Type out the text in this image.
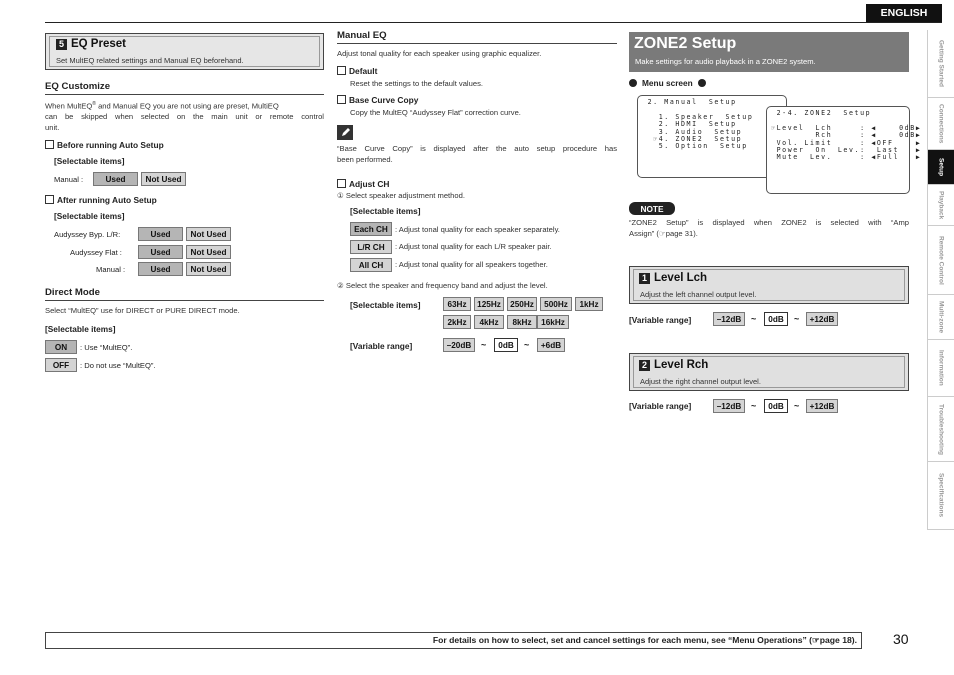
ENGLISH
Getting Started
Connections
Setup
Playback
Remote Control
Multi-zone
Information
Troubleshooting
Specifications
5 EQ Preset
Set MultEQ related settings and Manual EQ beforehand.
EQ Customize
When MultEQ® and Manual EQ you are not using are preset, MultiEQ

can be skipped when selected on the main unit or remote control
unit.
Before running Auto Setup
[Selectable items]
Manual :	Used	Not Used
After running Auto Setup
[Selectable items]
Audyssey Byp. L/R:	Used	Not Used
Audyssey Flat :	Used	Not Used
Manual :	Used	Not Used
Direct Mode
Select “MultEQ” use for DIRECT or PURE DIRECT mode.
[Selectable items]
ON	: Use “MultEQ”.
OFF	: Do not use “MultEQ”.
Manual EQ
Adjust tonal quality for each speaker using graphic equalizer.
Default
Reset the settings to the default values.
Base Curve Copy
Copy the MultEQ “Audyssey Flat” correction curve.
“Base Curve Copy” is displayed after the auto setup procedure has
been performed.
Adjust CH
① Select speaker adjustment method.
[Selectable items]
Each CH : Adjust tonal quality for each speaker separately.
L/R CH	: Adjust tonal quality for each L/R speaker pair.
All CH	: Adjust tonal quality for all speakers together.
② Select the speaker and frequency band and adjust the level.
[Selectable items]	63Hz	125Hz	250Hz	500Hz	1kHz
2kHz	4kHz	8kHz	16kHz
[Variable range]	–20dB	~	0dB	~	+6dB
ZONE2 Setup
Make settings for audio playback in a ZONE2 system.
Menu screen
2. Manual  Setup

1. Speaker  Setup
2. HDMI  Setup
3. Audio  Setup
☞4. ZONE2  Setup
5. Option  Setup
2-4. ZONE2  Setup

☞Level  Lch     : ◀    0dB▶
Rch     : ◀    0dB▶
Vol. Limit     : ◀OFF    ▶
Power  On  Lev.:  Last   ▶
Mute  Lev.     : ◀Full   ▶
NOTE
“ZONE2 Setup” is displayed when ZONE2 is selected with “Amp
Assign” (☞page 31).
1 Level Lch
Adjust the left channel output level.
[Variable range]	–12dB	~	0dB	~	+12dB
2 Level Rch
Adjust the right channel output level.
[Variable range]	–12dB	~	0dB	~	+12dB
For details on how to select, set and cancel settings for each menu, see “Menu Operations” (☞page 18).	30
